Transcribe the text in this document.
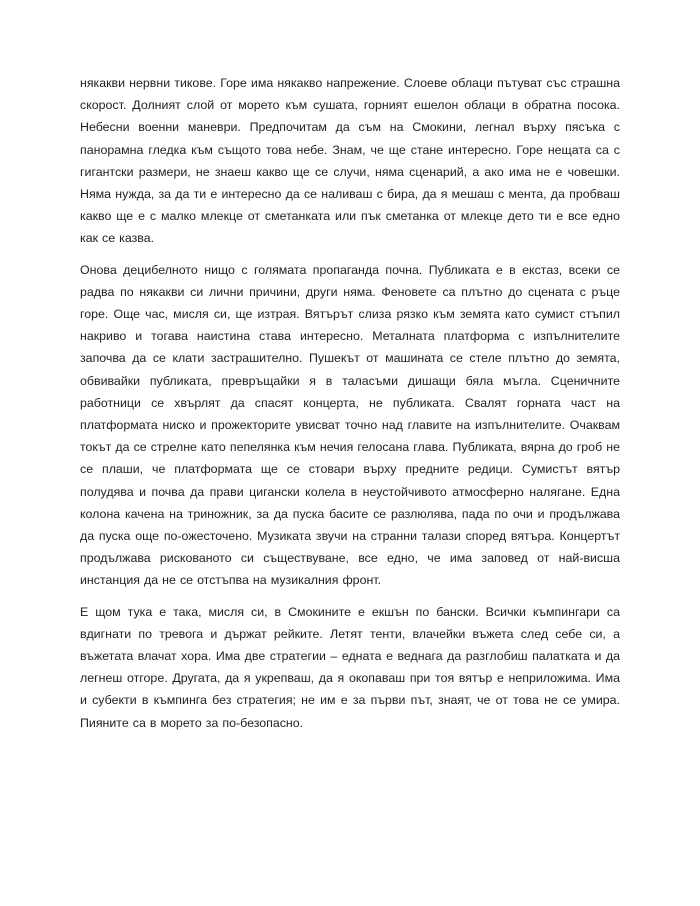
някакви нервни тикове. Горе има някакво напрежение. Слоеве облаци пътуват със страшна скорост. Долният слой от морето към сушата, горният ешелон облаци в обратна посока. Небесни военни маневри. Предпочитам да съм на Смокини, легнал върху пясъка с панорамна гледка към същото това небе. Знам, че ще стане интересно. Горе нещата са с гигантски размери, не знаеш какво ще се случи, няма сценарий, а ако има не е човешки. Няма нужда, за да ти е интересно да се наливаш с бира, да я мешаш с мента, да пробваш какво ще е с малко млекце от сметанката или пък сметанка от млекце дето ти е все едно как се казва.

Онова децибелното нищо с голямата пропаганда почна. Публиката е в екстаз, всеки се радва по някакви си лични причини, други няма. Феновете са плътно до сцената с ръце горе. Още час, мисля си, ще изтрая. Вятърът слиза рязко към земята като сумист стъпил накриво и тогава наистина става интересно. Металната платформа с изпълнителите започва да се клати застрашително. Пушекът от машината се стеле плътно до земята, обвивайки публиката, превръщайки я в таласъми дишащи бяла мъгла. Сценичните работници се хвърлят да спасят концерта, не публиката. Свалят горната част на платформата ниско и прожекторите увисват точно над главите на изпълнителите. Очаквам токът да се стрелне като пепелянка към нечия гелосана глава. Публиката, вярна до гроб не се плаши, че платформата ще се стовари върху предните редици. Сумистът вятър полудява и почва да прави цигански колела в неустойчивото атмосферно налягане. Една колона качена на триножник, за да пуска басите се разлюлява, пада по очи и продължава да пуска още по-ожесточено. Музиката звучи на странни талази според вятъра. Концертът продължава рискованото си съществуване, все едно, че има заповед от най-висша инстанция да не се отстъпва на музикалния фронт.

Е щом тука е така, мисля си, в Смокините е екшън по бански. Всички къмпингари са вдигнати по тревога и държат рейките. Летят тенти, влачейки въжета след себе си, а въжетата влачат хора. Има две стратегии – едната е веднага да разглобиш палатката и да легнеш отгоре. Другата, да я укрепваш, да я окопаваш при тоя вятър е неприложима. Има и субекти в къмпинга без стратегия; не им е за първи път, знаят, че от това не се умира. Пияните са в морето за по-безопасно.
